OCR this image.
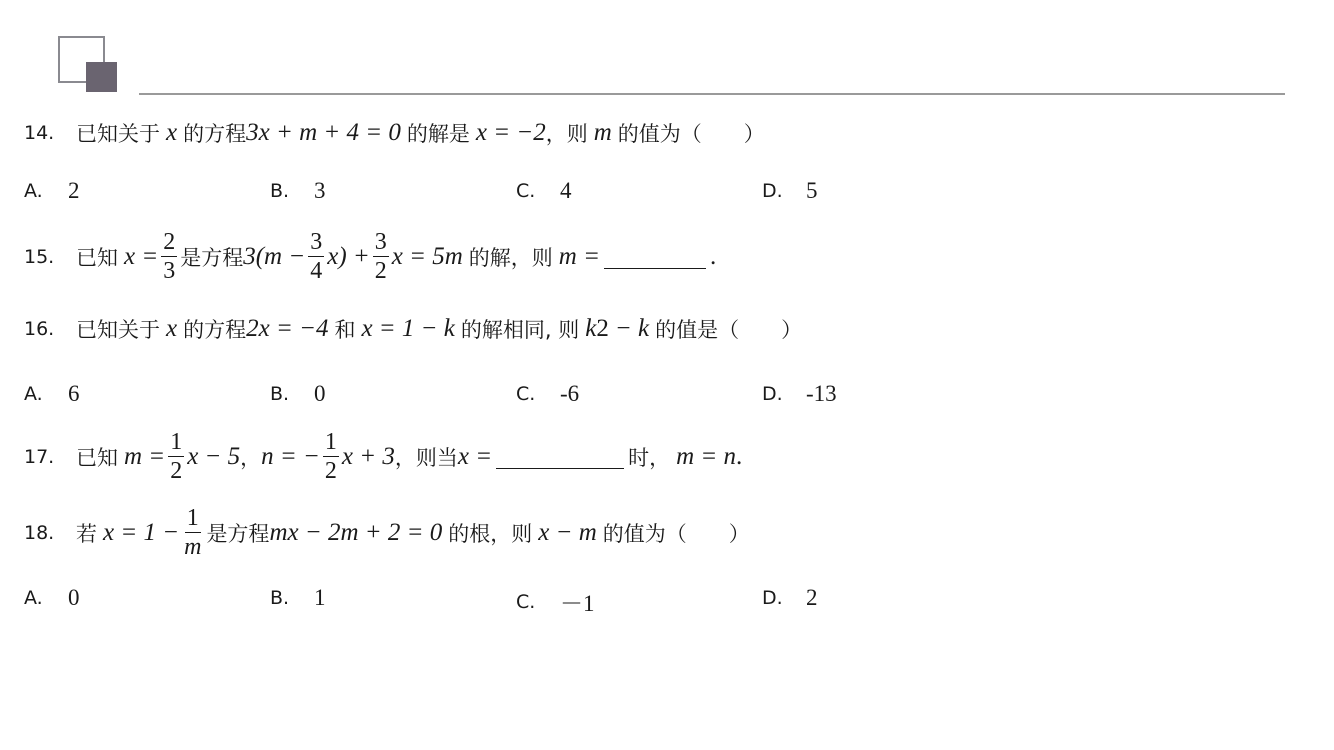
14.	已知关于 x 的方程 3x + m + 4 = 0 的解是 x = −2 ，则 m 的值为（　　）
A.	2	B.	3	C.	4	D.	5
15.	已知 $x = \frac{2}{3}$ 是方程 $3(m - \frac{3}{4} x) + \frac{3}{2}$ x = 5m 的解，则 m =	.
16.	已知关于 x 的方程 2x = −4 和 x = 1 − k 的解相同, 则 k 2 − k 的值是（　　）
A.	6	B.	0	C.	-6	D.	-13
17.	已知 $m = \frac{1}{2}$ x − 5 ， n = − $\frac{1}{2}$ x + 3 ，则当 x =	时， m = n .
18.	若 $x = 1 - \frac{1}{m}$ 是方程 mx − 2m + 2 = 0 的根，则 x − m 的值为（　　）
A.	0	B.	1	C.	－1	D.	2
